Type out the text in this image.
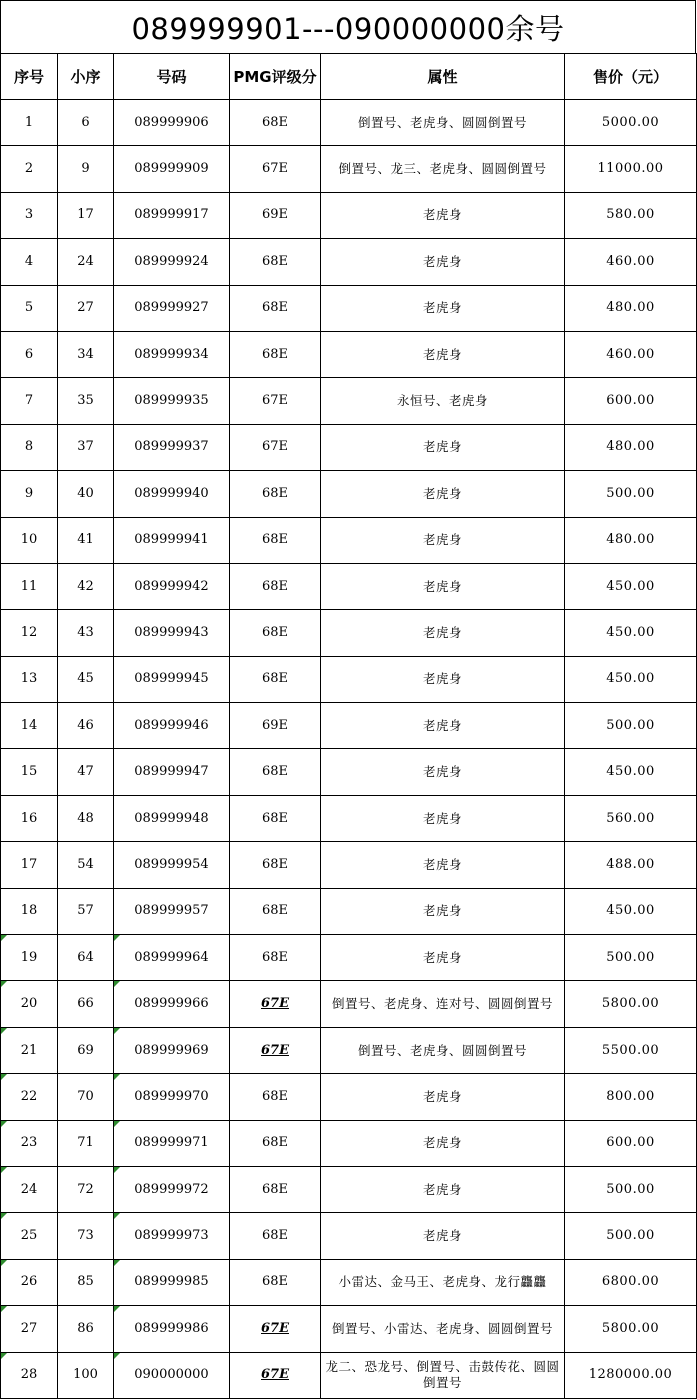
089999901---090000000余号
序号	小序	号码	PMG评级分	属性	售价（元）
1	6	089999906	68E	倒置号、老虎身、圆圆倒置号	5000.00
2	9	089999909	67E	倒置号、龙三、老虎身、圆圆倒置号	11000.00
3	17	089999917	69E	老虎身	580.00
4	24	089999924	68E	老虎身	460.00
5	27	089999927	68E	老虎身	480.00
6	34	089999934	68E	老虎身	460.00
7	35	089999935	67E	永恒号、老虎身	600.00
8	37	089999937	67E	老虎身	480.00
9	40	089999940	68E	老虎身	500.00
10	41	089999941	68E	老虎身	480.00
11	42	089999942	68E	老虎身	450.00
12	43	089999943	68E	老虎身	450.00
13	45	089999945	68E	老虎身	450.00
14	46	089999946	69E	老虎身	500.00
15	47	089999947	68E	老虎身	450.00
16	48	089999948	68E	老虎身	560.00
17	54	089999954	68E	老虎身	488.00
18	57	089999957	68E	老虎身	450.00
19	64	089999964	68E	老虎身	500.00
20	66	089999966	67E	倒置号、老虎身、连对号、圆圆倒置号	5800.00
21	69	089999969	67E	倒置号、老虎身、圆圆倒置号	5500.00
22	70	089999970	68E	老虎身	800.00
23	71	089999971	68E	老虎身	600.00
24	72	089999972	68E	老虎身	500.00
25	73	089999973	68E	老虎身	500.00
26	85	089999985	68E	小雷达、金马王、老虎身、龙行龘龘	6800.00
27	86	089999986	67E	倒置号、小雷达、老虎身、圆圆倒置号	5800.00
28	100	090000000	67E	龙二、恐龙号、倒置号、击鼓传花、圆圆倒置号	1280000.00
